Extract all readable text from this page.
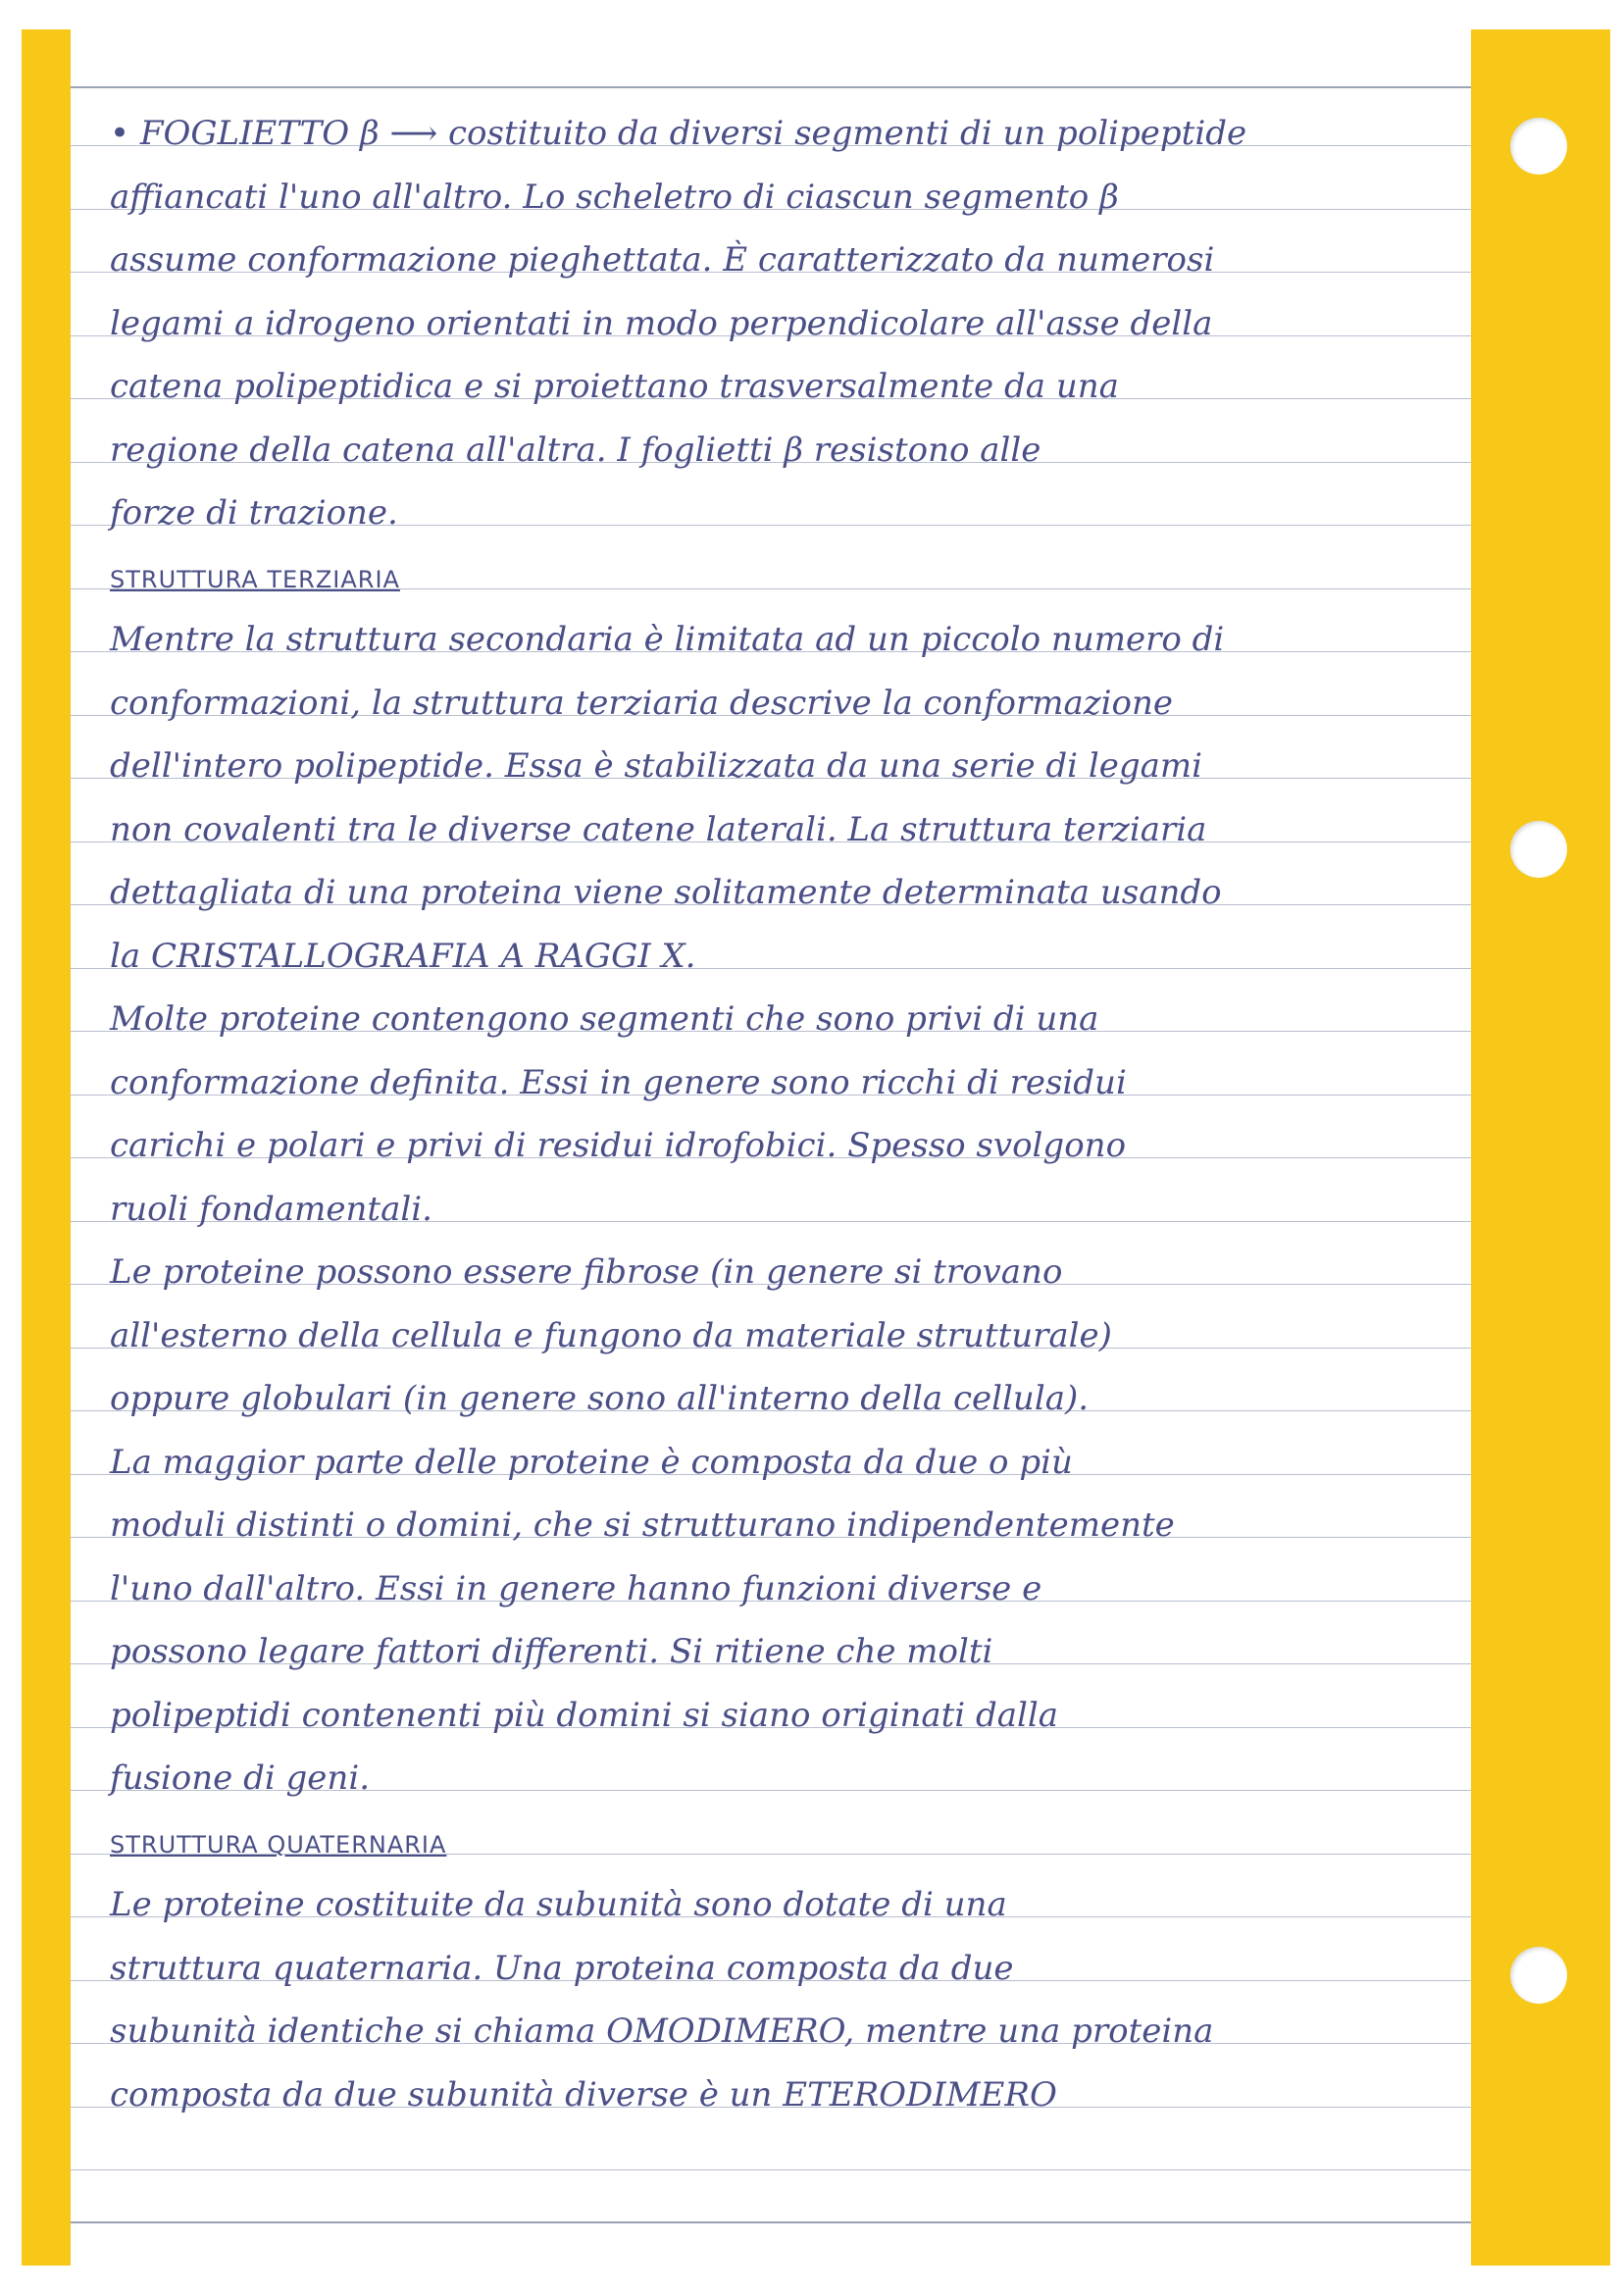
• FOGLIETTO β ⟶ costituito da diversi segmenti di un polipeptide
affiancati l'uno all'altro. Lo scheletro di ciascun segmento β
assume conformazione pieghettata. È caratterizzato da numerosi
legami a idrogeno orientati in modo perpendicolare all'asse della
catena polipeptidica e si proiettano trasversalmente da una
regione della catena all'altra. I foglietti β resistono alle
forze di trazione.
STRUTTURA TERZIARIA
Mentre la struttura secondaria è limitata ad un piccolo numero di
conformazioni, la struttura terziaria descrive la conformazione
dell'intero polipeptide. Essa è stabilizzata da una serie di legami
non covalenti tra le diverse catene laterali. La struttura terziaria
dettagliata di una proteina viene solitamente determinata usando
la CRISTALLOGRAFIA A RAGGI X.
Molte proteine contengono segmenti che sono privi di una
conformazione definita. Essi in genere sono ricchi di residui
carichi e polari e privi di residui idrofobici. Spesso svolgono
ruoli fondamentali.
Le proteine possono essere fibrose (in genere si trovano
all'esterno della cellula e fungono da materiale strutturale)
oppure globulari (in genere sono all'interno della cellula).
La maggior parte delle proteine è composta da due o più
moduli distinti o domini, che si strutturano indipendentemente
l'uno dall'altro. Essi in genere hanno funzioni diverse e
possono legare fattori differenti. Si ritiene che molti
polipeptidi contenenti più domini si siano originati dalla
fusione di geni.
STRUTTURA QUATERNARIA
Le proteine costituite da subunità sono dotate di una
struttura quaternaria. Una proteina composta da due
subunità identiche si chiama OMODIMERO, mentre una proteina
composta da due subunità diverse è un ETERODIMERO
